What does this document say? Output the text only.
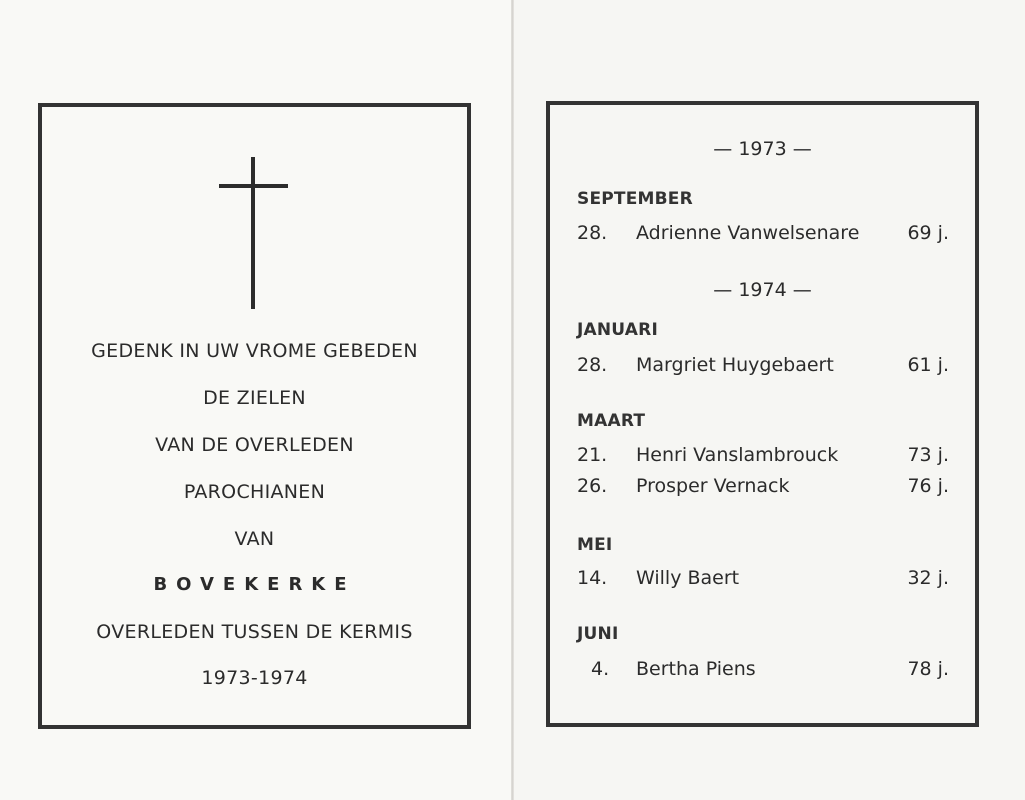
GEDENK IN UW VROME GEBEDEN
DE ZIELEN
VAN DE OVERLEDEN
PAROCHIANEN
VAN
BOVEKERKE
OVERLEDEN TUSSEN DE KERMIS
1973-1974
— 1973 —
SEPTEMBER
28. Adrienne Vanwelsenare	69 j.
— 1974 —
JANUARI
28. Margriet Huygebaert	61 j.
MAART
21. Henri Vanslambrouck	73 j.
26. Prosper Vernack	76 j.
MEI
14. Willy Baert	32 j.
JUNI
4. Bertha Piens	78 j.
